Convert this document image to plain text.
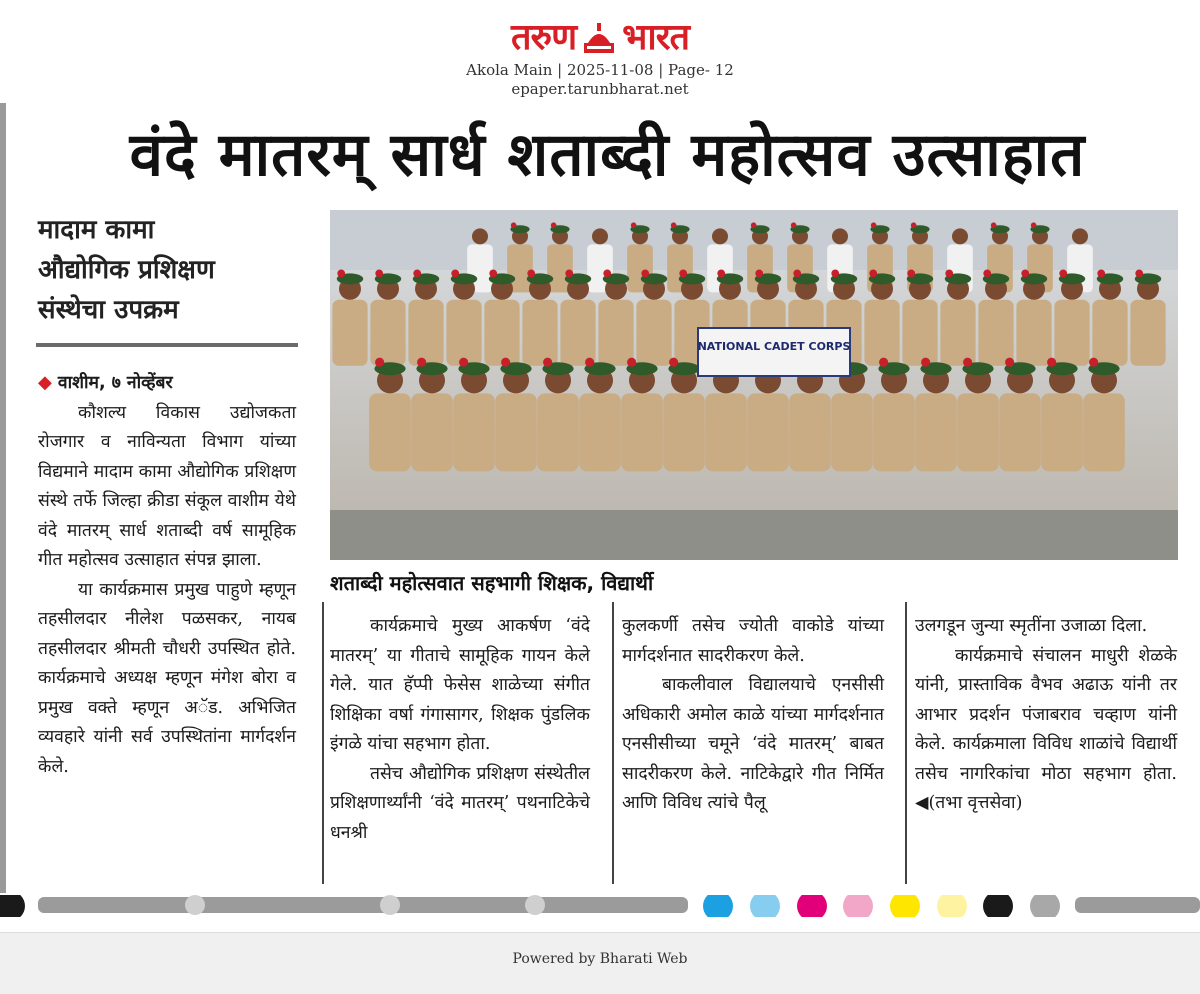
तरुण भारत
Akola Main | 2025-11-08 | Page- 12
epaper.tarunbharat.net
वंदे मातरम् सार्ध शताब्दी महोत्सव उत्साहात
मादाम कामा
औद्योगिक प्रशिक्षण
संस्थेचा उपक्रम
NATIONAL CADET CORPS
शताब्दी महोत्सवात सहभागी शिक्षक, विद्यार्थी

◆ वाशीम, ७ नोव्हेंबर

कौशल्य विकास उद्योजकता रोजगार व नाविन्यता विभाग यांच्या विद्यमाने मादाम कामा औद्योगिक प्रशिक्षण संस्थे तर्फे जिल्हा क्रीडा संकूल वाशीम येथे वंदे मातरम् सार्ध शताब्दी वर्ष सामूहिक गीत महोत्सव उत्साहात संपन्न झाला.

या कार्यक्रमास प्रमुख पाहुणे म्हणून तहसीलदार नीलेश पळसकर, नायब तहसीलदार श्रीमती चौधरी उपस्थित होते. कार्यक्रमाचे अध्यक्ष म्हणून मंगेश बोरा व प्रमुख वक्ते म्हणून अॅड. अभिजित व्यवहारे यांनी सर्व उपस्थितांना मार्गदर्शन केले.

कार्यक्रमाचे मुख्य आकर्षण ‘वंदे मातरम्’ या गीताचे सामूहिक गायन केले गेले. यात हॅप्पी फेसेस शाळेच्या संगीत शिक्षिका वर्षा गंगासागर, शिक्षक पुंडलिक इंगळे यांचा सहभाग होता.

तसेच औद्योगिक प्रशिक्षण संस्थेतील प्रशिक्षणार्थ्यांनी ‘वंदे मातरम्’ पथनाटिकेचे धनश्री

कुलकर्णी तसेच ज्योती वाकोडे यांच्या मार्गदर्शनात सादरीकरण केले.

बाकलीवाल विद्यालयाचे एनसीसी अधिकारी अमोल काळे यांच्या मार्गदर्शनात एनसीसीच्या चमूने ‘वंदे मातरम्’ बाबत सादरीकरण केले. नाटिकेद्वारे गीत निर्मित आणि विविध त्यांचे पैलू

उलगडून जुन्या स्मृतींना उजाळा दिला.

कार्यक्रमाचे संचालन माधुरी शेळके यांनी, प्रास्ताविक वैभव अढाऊ यांनी तर आभार प्रदर्शन पंजाबराव चव्हाण यांनी केले. कार्यक्रमाला विविध शाळांचे विद्यार्थी तसेच नागरिकांचा मोठा सहभाग होता. ◀(तभा वृत्तसेवा)

Powered by Bharati Web
